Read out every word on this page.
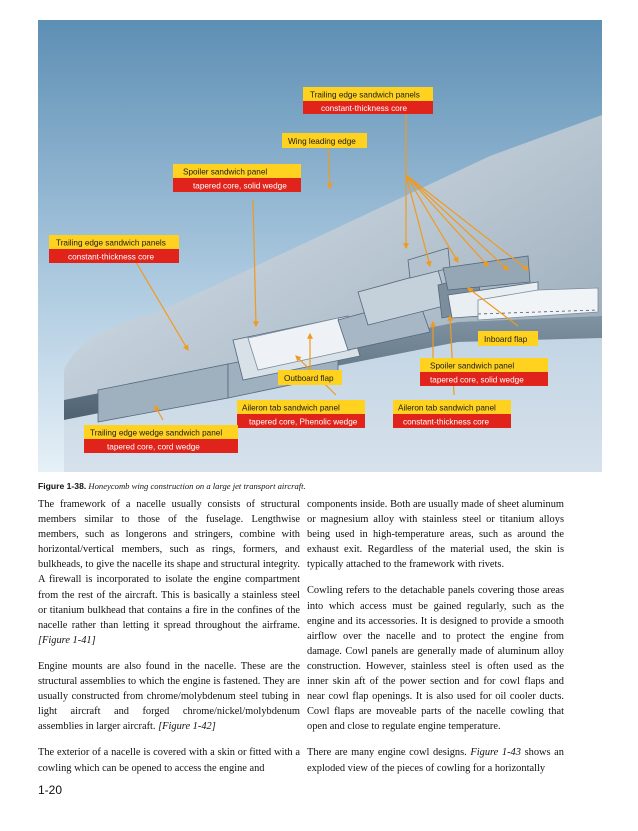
Trailing edge sandwich panels
constant-thickness core
Wing leading edge
Spoiler sandwich panel
tapered core, solid wedge
Trailing edge sandwich panels
constant-thickness core
Inboard flap
Spoiler sandwich panel
tapered core, solid wedge
Outboard flap
Aileron tab sandwich panel
tapered core, Phenolic wedge
Aileron tab sandwich panel
constant-thickness core
Trailing edge wedge sandwich panel
tapered core, cord wedge
Figure 1-38. Honeycomb wing construction on a large jet transport aircraft.

The framework of a nacelle usually consists of structural members similar to those of the fuselage. Lengthwise members, such as longerons and stringers, combine with horizontal/vertical members, such as rings, formers, and bulkheads, to give the nacelle its shape and structural integrity. A firewall is incorporated to isolate the engine compartment from the rest of the aircraft. This is basically a stainless steel or titanium bulkhead that contains a fire in the confines of the nacelle rather than letting it spread throughout the airframe. [Figure 1-41]

Engine mounts are also found in the nacelle. These are the structural assemblies to which the engine is fastened. They are usually constructed from chrome/molybdenum steel tubing in light aircraft and forged chrome/nickel/molybdenum assemblies in larger aircraft. [Figure 1-42]

The exterior of a nacelle is covered with a skin or fitted with a cowling which can be opened to access the engine and

components inside. Both are usually made of sheet aluminum or magnesium alloy with stainless steel or titanium alloys being used in high-temperature areas, such as around the exhaust exit. Regardless of the material used, the skin is typically attached to the framework with rivets.

Cowling refers to the detachable panels covering those areas into which access must be gained regularly, such as the engine and its accessories. It is designed to provide a smooth airflow over the nacelle and to protect the engine from damage. Cowl panels are generally made of aluminum alloy construction. However, stainless steel is often used as the inner skin aft of the power section and for cowl flaps and near cowl flap openings. It is also used for oil cooler ducts. Cowl flaps are moveable parts of the nacelle cowling that open and close to regulate engine temperature.

There are many engine cowl designs. Figure 1-43 shows an exploded view of the pieces of cowling for a horizontally

1-20
